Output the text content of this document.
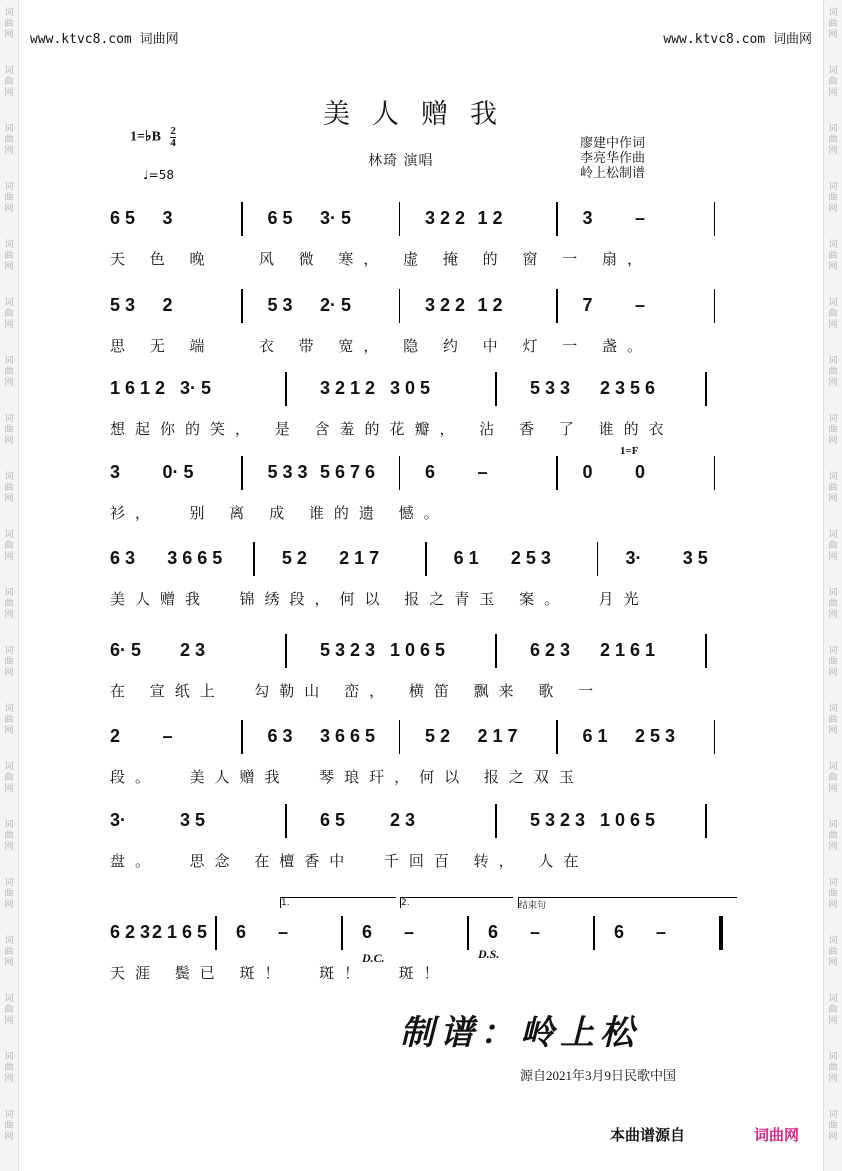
www.ktvc8.com 词曲网	www.ktvc8.com 词曲网
美人赠我
1=♭B $\frac{2}{4}$
♩=58
林琦 演唱
廖建中作词
李亮华作曲
岭上松制谱
6 5 3	6 5 3· 5	3 2 2 1 2	3 –
天 色 晚   风 微 寒， 虚 掩 的 窗 一 扇，
5 3 2	5 3 2· 5	3 2 2 1 2	7 –
思 无 端   衣 带 宽， 隐 约 中 灯 一 盏。
1 6 1 2 3· 5	3 2 1 2 3 0 5	5 3 3 2 3 5 6
想起你的笑， 是 含羞的花瓣， 沾 香 了 谁的衣
3 0· 5	5 3 3 5 6 7 6	6 –	0 0
衫，  别 离 成 谁的遗 憾。
6 3 3 6 6 5	5 2 2 1 7	6 1 2 5 3	3· 3 5
美人赠我  锦绣段，何以 报之青玉 案。  月光
6· 5 2 3	5 3 2 3 1 0 6 5	6 2 3 2 1 6 1
在 宣纸上  勾勒山 峦， 横笛 飘来 歌 一
2 –	6 3 3 6 6 5	5 2 2 1 7	6 1 2 5 3
段。  美人赠我  琴琅玕，何以 报之双玉
3·	3 5	6 5 2 3	5 3 2 3 1 0 6 5
盘。  思念 在檀香中  千回百 转， 人在
6 2 3 2 1 6 5 6 –	6 –	6 –	6 –
天涯 鬓已 斑！  斑！  斑！
D.C.	D.S.
1=F
1.	2.	结束句
制谱：岭上松
源自2021年3月9日民歌中国
本曲谱源自	词曲网
词曲网
词曲网
词曲网
词曲网
词曲网
词曲网
词曲网
词曲网
词曲网
词曲网
词曲网
词曲网
词曲网
词曲网
词曲网
词曲网
词曲网
词曲网
词曲网
词曲网
词曲网
词曲网
词曲网
词曲网
词曲网
词曲网
词曲网
词曲网
词曲网
词曲网
词曲网
词曲网
词曲网
词曲网
词曲网
词曲网
词曲网
词曲网
词曲网
词曲网
